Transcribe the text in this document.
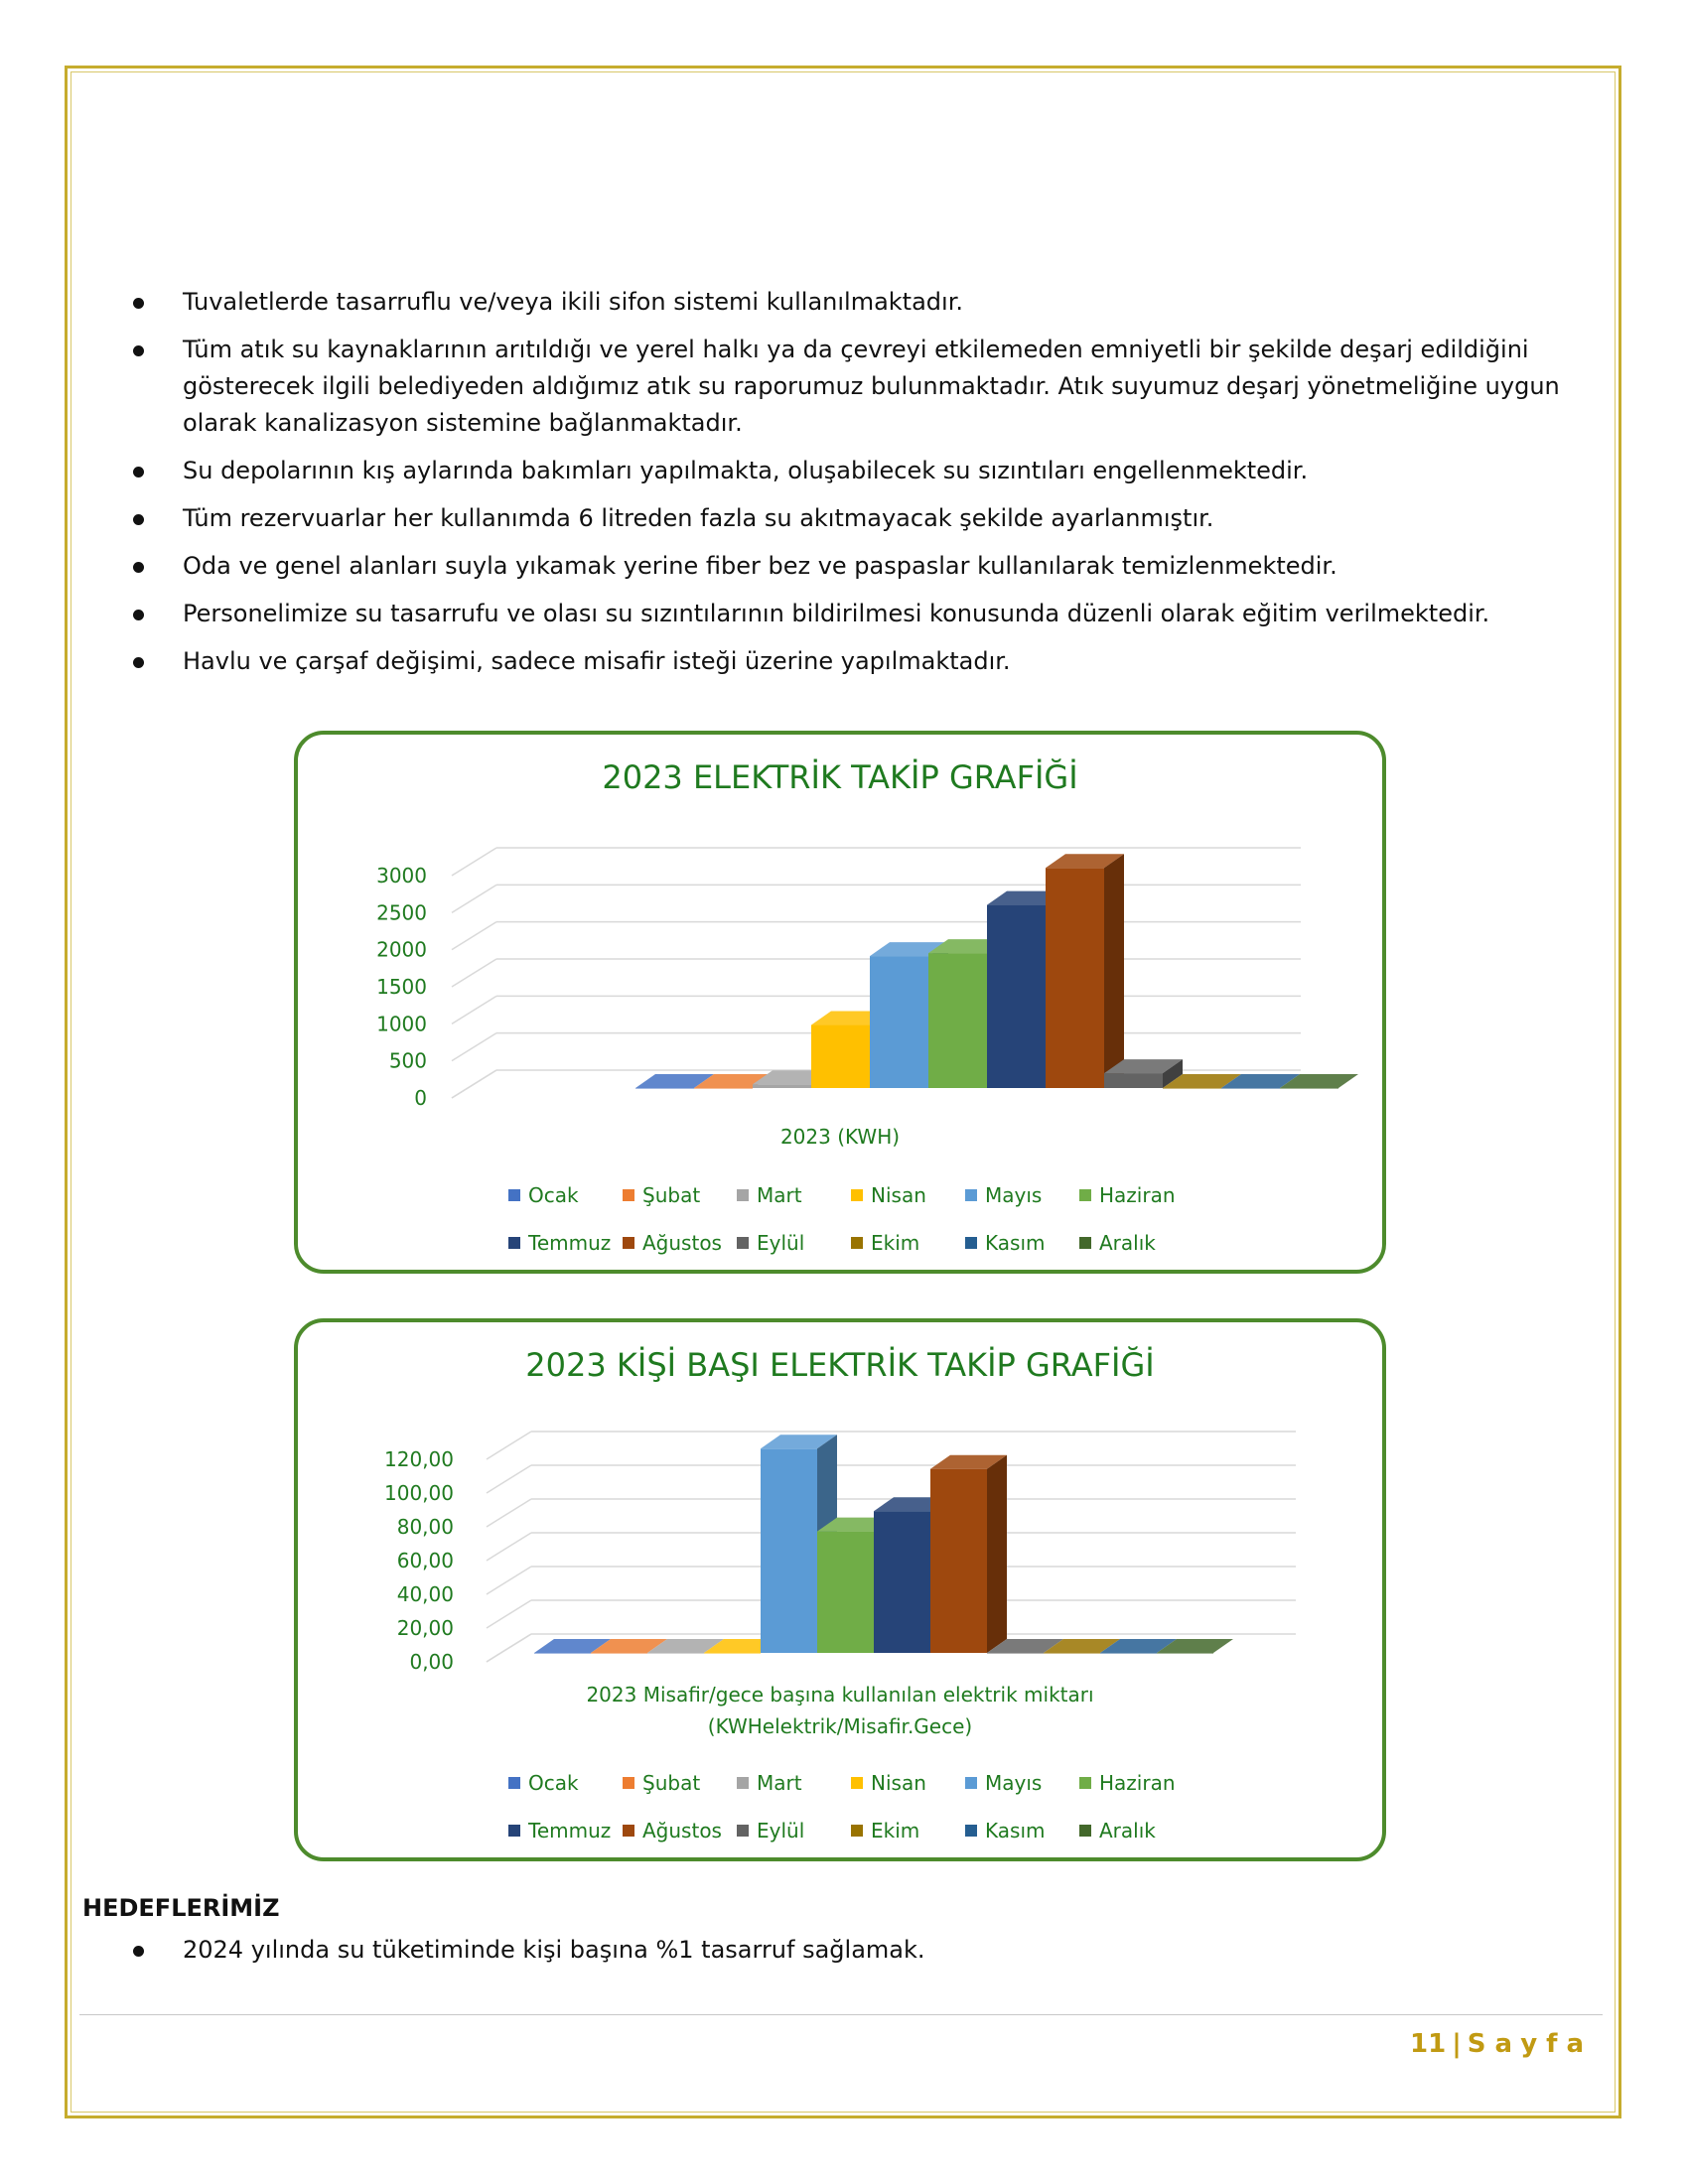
Tuvaletlerde tasarruflu ve/veya ikili sifon sistemi kullanılmaktadır.
Tüm atık su kaynaklarının arıtıldığı ve yerel halkı ya da çevreyi etkilemeden emniyetli bir şekilde deşarj edildiğini gösterecek ilgili belediyeden aldığımız atık su raporumuz bulunmaktadır. Atık suyumuz deşarj yönetmeliğine uygun olarak kanalizasyon sistemine bağlanmaktadır.
Su depolarının kış aylarında bakımları yapılmakta, oluşabilecek su sızıntıları engellenmektedir.
Tüm rezervuarlar her kullanımda 6 litreden fazla su akıtmayacak şekilde ayarlanmıştır.
Oda ve genel alanları suyla yıkamak yerine fiber bez ve paspaslar kullanılarak temizlenmektedir.
Personelimize su tasarrufu ve olası su sızıntılarının bildirilmesi konusunda düzenli olarak eğitim verilmektedir.
Havlu ve çarşaf değişimi, sadece misafir isteği üzerine yapılmaktadır.
2023 ELEKTRİK TAKİP GRAFİĞİ
0
500
1000
1500
2000
2500
3000
2023 (KWH)
Ocak	Şubat	Mart	Nisan	Mayıs	Haziran
Temmuz Ağustos Eylül	Ekim	Kasım	Aralık
2023 KİŞİ BAŞI ELEKTRİK TAKİP GRAFİĞİ
0,00
20,00
40,00
60,00
80,00
100,00
120,00
2023 Misafir/gece başına kullanılan elektrik miktarı
(KWHelektrik/Misafir.Gece)
Ocak	Şubat	Mart	Nisan	Mayıs	Haziran
Temmuz Ağustos Eylül	Ekim	Kasım	Aralık
HEDEFLERİMİZ
2024 yılında su tüketiminde kişi başına %1 tasarruf sağlamak.
11 | Sayfa
